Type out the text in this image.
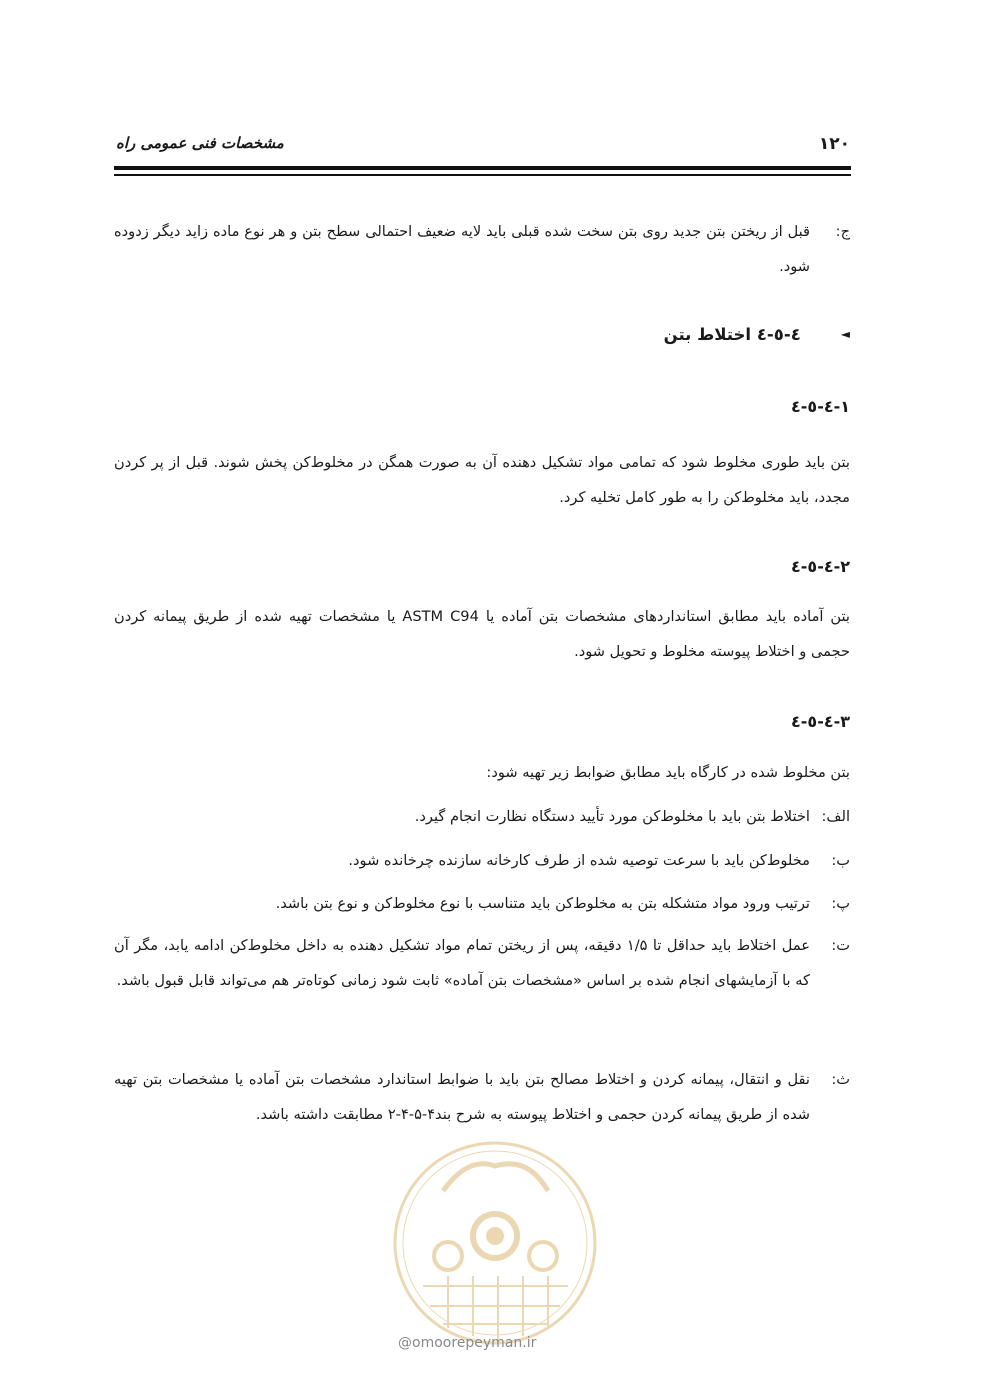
۱۲۰
مشخصات فنی عمومی راه
ج:
قبل از ریختن بتن جدید روی بتن سخت شده قبلی باید لایه ضعیف احتمالی سطح بتن و هر نوع ماده زاید دیگر زدوده شود.
◄٤-٥-٤ اختلاط بتن
١-٤-٥-٤
بتن باید طوری مخلوط شود که تمامی مواد تشکیل دهنده آن به صورت همگن در مخلوط‌کن پخش شوند. قبل از پر کردن مجدد، باید مخلوط‌کن را به طور کامل تخلیه کرد.
٢-٤-٥-٤
بتن آماده باید مطابق استانداردهای مشخصات بتن آماده یا ASTM C94 یا مشخصات تهیه شده از طریق پیمانه کردن حجمی و اختلاط پیوسته مخلوط و تحویل شود.
٣-٤-٥-٤
بتن مخلوط شده در کارگاه باید مطابق ضوابط زیر تهیه شود:
الف:
اختلاط بتن باید با مخلوط‌کن مورد تأیید دستگاه نظارت انجام گیرد.
ب:
مخلوط‌کن باید با سرعت توصیه شده از طرف کارخانه سازنده چرخانده شود.
پ:
ترتیب ورود مواد متشکله بتن به مخلوط‌کن باید متناسب با نوع مخلوط‌کن و نوع بتن باشد.
ت:
عمل اختلاط باید حداقل تا ۱/۵ دقیقه، پس از ریختن تمام مواد تشکیل دهنده به داخل مخلوط‌کن ادامه یابد، مگر آن که با آزمایشهای انجام شده بر اساس «مشخصات بتن آماده» ثابت شود زمانی کوتاه‌تر هم می‌تواند قابل قبول باشد.
ث:
نقل و انتقال، پیمانه کردن و اختلاط مصالح بتن باید با ضوابط استاندارد مشخصات بتن آماده یا مشخصات بتن تهیه شده از طریق پیمانه کردن حجمی و اختلاط پیوسته به شرح بند۴-۵-۴-۲ مطابقت داشته باشد.
@omoorepeyman.ir
